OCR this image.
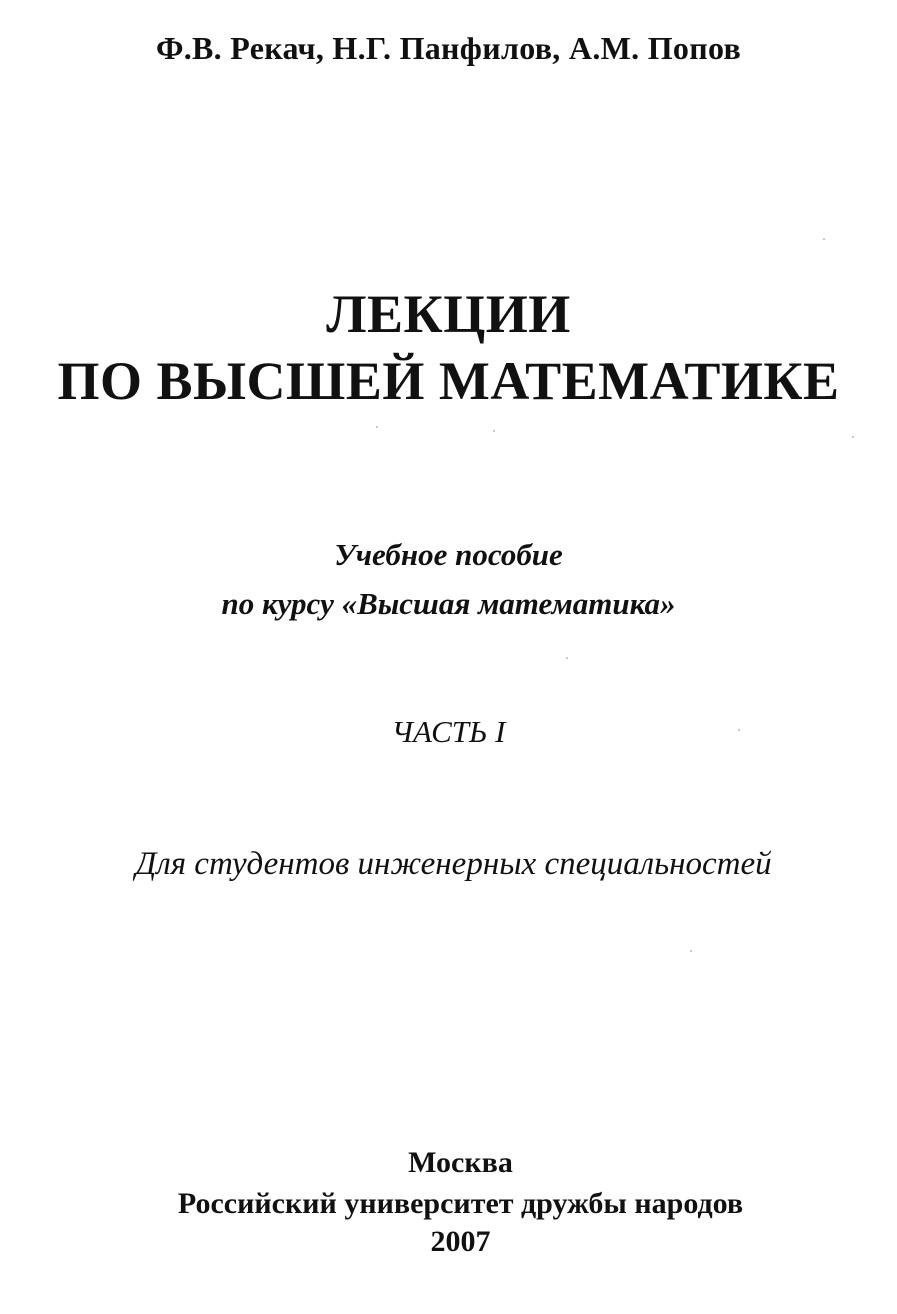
Ф.В. Рекач, Н.Г. Панфилов, А.М. Попов
ЛЕКЦИИ
ПО ВЫСШЕЙ МАТЕМАТИКЕ
Учебное пособие
по курсу «Высшая математика»
ЧАСТЬ I
Для студентов инженерных специальностей
Москва
Российский университет дружбы народов
2007
